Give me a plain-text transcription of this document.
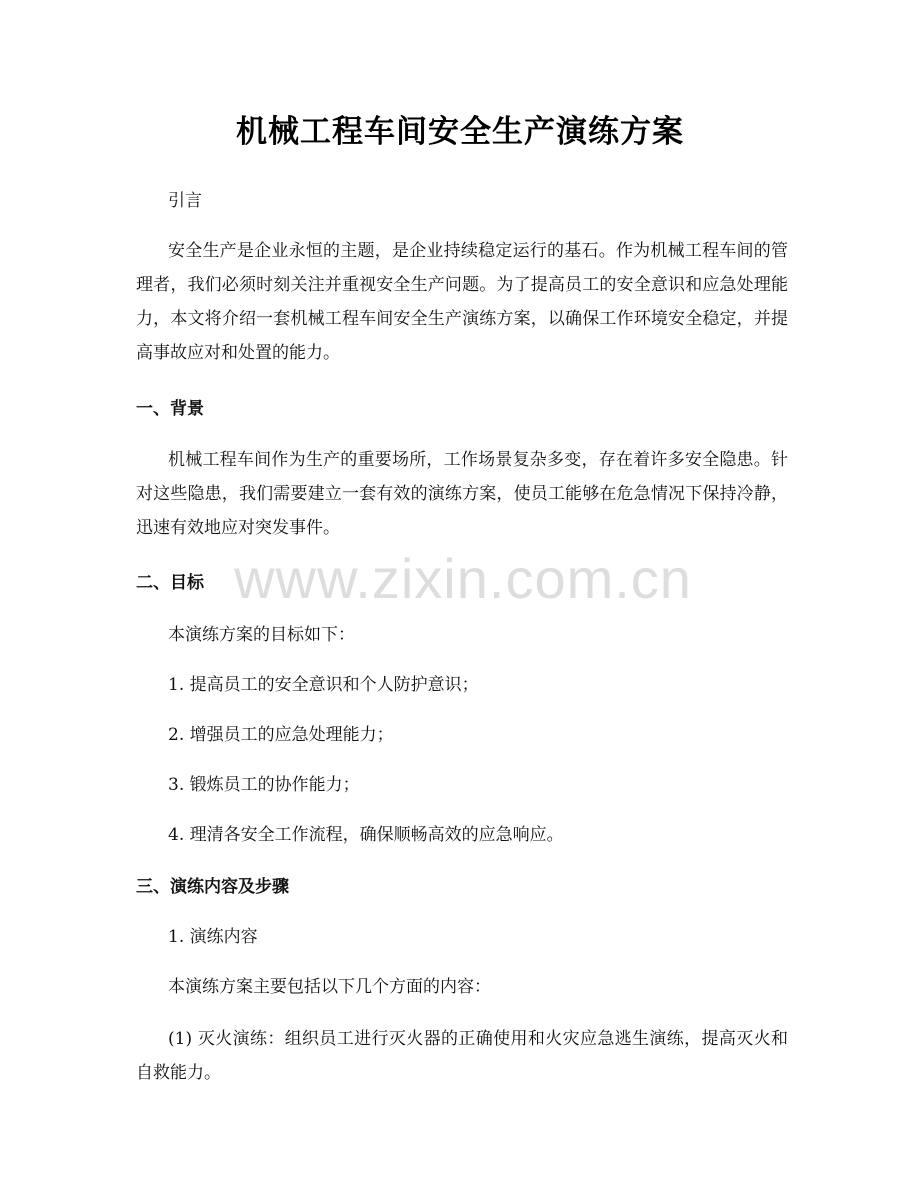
机械工程车间安全生产演练方案

引言

安全生产是企业永恒的主题，是企业持续稳定运行的基石。作为机械工程车间的管理者，我们必须时刻关注并重视安全生产问题。为了提高员工的安全意识和应急处理能力，本文将介绍一套机械工程车间安全生产演练方案，以确保工作环境安全稳定，并提高事故应对和处置的能力。

一、背景

机械工程车间作为生产的重要场所，工作场景复杂多变，存在着许多安全隐患。针对这些隐患，我们需要建立一套有效的演练方案，使员工能够在危急情况下保持冷静，迅速有效地应对突发事件。

二、目标

本演练方案的目标如下：

1. 提高员工的安全意识和个人防护意识；

2. 增强员工的应急处理能力；

3. 锻炼员工的协作能力；

4. 理清各安全工作流程，确保顺畅高效的应急响应。

三、演练内容及步骤

1. 演练内容

本演练方案主要包括以下几个方面的内容：

(1) 灭火演练：组织员工进行灭火器的正确使用和火灾应急逃生演练，提高灭火和自救能力。

www.zixin.com.cn
